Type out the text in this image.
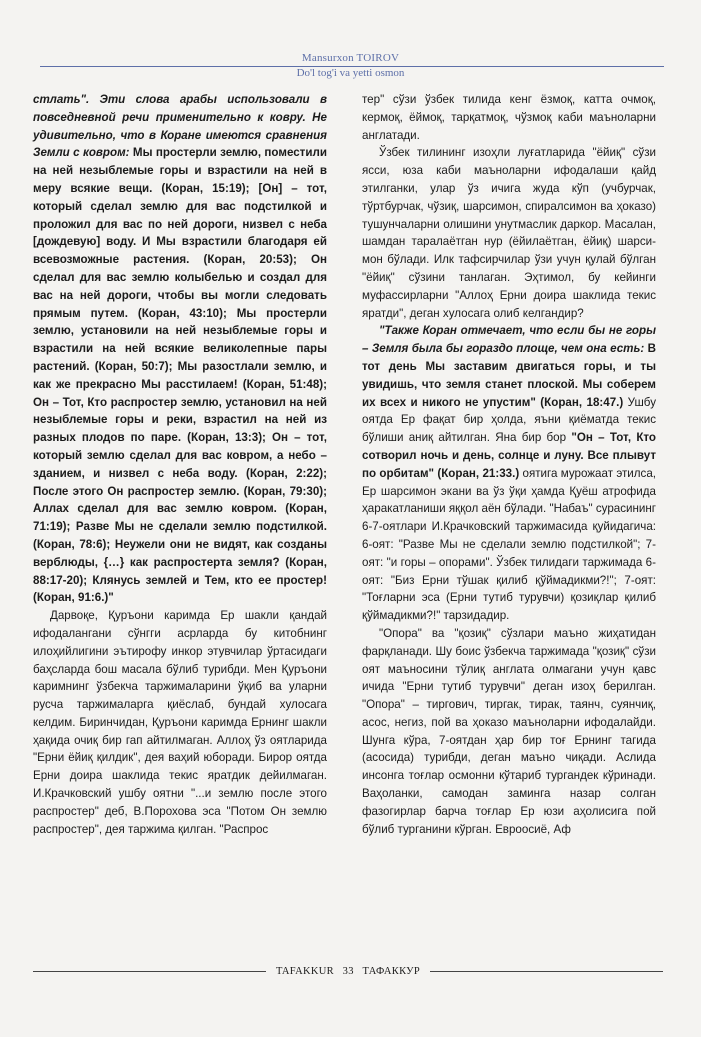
Mansurxon TOIROV
Do'l tog'i va yetti osmon

стлать". Эти слова арабы использовали в повседневной речи применительно к ковру. Не удивительно, что в Коране имеются сравнения Земли с ковром: Мы простерли землю, поместили на ней незыблемые горы и взрастили на ней в меру всякие вещи. (Коран, 15:19); [Он] – тот, который сделал землю для вас подстилкой и проложил для вас по ней дороги, низвел с неба [дождевую] воду. И Мы взрастили благодаря ей всевозможные растения. (Коран, 20:53); Он сделал для вас землю колыбелью и создал для вас на ней дороги, чтобы вы могли следовать прямым путем. (Коран, 43:10); Мы простерли землю, установили на ней незыблемые горы и взрастили на ней всякие великолепные пары растений. (Коран, 50:7); Мы разостлали землю, и как же прекрасно Мы расстилаем! (Коран, 51:48); Он – Тот, Кто распростер землю, установил на ней незыблемые горы и реки, взрастил на ней из разных плодов по паре. (Коран, 13:3); Он – тот, который землю сделал для вас ковром, а небо – зданием, и низвел с неба воду. (Коран, 2:22); После этого Он распростер землю. (Коран, 79:30); Аллах сделал для вас землю ковром. (Коран, 71:19); Разве Мы не сделали землю подстилкой. (Коран, 78:6); Неужели они не видят, как созданы верблюды, {…} как распростерта земля? (Коран, 88:17-20); Клянусь землей и Тем, кто ее простер! (Коран, 91:6.)"

Дарвоқе, Қуръони каримда Ер шакли қандай ифодалангани сўнгги асрларда бу китобнинг илоҳийлигини эътирофу инкор этувчилар ўртасидаги баҳсларда бош масала бўлиб турибди. Мен Қуръони каримнинг ўзбекча таржималарини ўқиб ва уларни русча таржималарга қиёслаб, бундай хулосага келдим. Биринчидан, Қуръони каримда Ернинг шакли ҳақида очиқ бир гап айтилмаган. Аллоҳ ўз оятларида "Ерни ёйиқ қилдик", дея ваҳий юборади. Бирор оятда Ерни доира шаклида текис яратдик дейилмаган. И.Крачковский ушбу оятни "...и землю после этого распростер" деб, В.Порохова эса "Потом Он землю распростер", дея таржима қилган. "Распрос

тер" сўзи ўзбек тилида кенг ёзмоқ, катта очмоқ, кермоқ, ёймоқ, тарқатмоқ, чўзмоқ каби маъноларни англатади.

Ўзбек тилининг изоҳли луғатларида "ёйиқ" сўзи ясси, юза каби маъноларни ифодалаши қайд этилганки, улар ўз ичига жуда кўп (учбурчак, тўртбурчак, чўзиқ, шарсимон, спиралсимон ва ҳоказо) тушунчаларни олишини унутмаслик даркор. Масалан, шамдан таралаётган нур (ёйилаётган, ёйиқ) шарсимон бўлади. Илк тафсирчилар ўзи учун қулай бўлган "ёйиқ" сўзини танлаган. Эҳтимол, бу кейинги муфассирларни "Аллоҳ Ерни доира шаклида текис яратди", деган хулосага олиб келгандир?

"Также Коран отмечает, что если бы не горы – Земля была бы гораздо площе, чем она есть: В тот день Мы заставим двигаться горы, и ты увидишь, что земля станет плоской. Мы соберем их всех и никого не упустим" (Коран, 18:47.) Ушбу оятда Ер фақат бир ҳолда, яъни қиёматда текис бўлиши аниқ айтилган. Яна бир бор "Он – Тот, Кто сотворил ночь и день, солнце и луну. Все плывут по орбитам" (Коран, 21:33.) оятига мурожаат этилса, Ер шарсимон экани ва ўз ўқи ҳамда Қуёш атрофида ҳаракатланиши яққол аён бўлади. "Набаъ" сурасининг 6-7-оятлари И.Крачковский таржимасида қуйидагича: 6-оят: "Разве Мы не сделали землю подстилкой"; 7-оят: "и горы – опорами". Ўзбек тилидаги таржимада 6-оят: "Биз Ерни тўшак қилиб қўймадикми?!"; 7-оят: "Тоғларни эса (Ерни тутиб турувчи) қозиқлар қилиб қўймадикми?!" тарзидадир.

"Опора" ва "қозиқ" сўзлари маъно жиҳатидан фарқланади. Шу боис ўзбекча таржимада "қозиқ" сўзи оят маъносини тўлиқ англата олмагани учун қавс ичида "Ерни тутиб турувчи" деган изоҳ берилган. "Опора" – тиргович, тиргак, тирак, таянч, суянчиқ, асос, негиз, пой ва ҳоказо маъноларни ифодалайди. Шунга кўра, 7-оятдан ҳар бир тоғ Ернинг тагида (асосида) турибди, деган маъно чиқади. Аслида инсонга тоғлар осмонни кўтариб тургандек кўринади. Ваҳоланки, самодан заминга назар солган фазогирлар барча тоғлар Ер юзи аҳолисига пой бўлиб турганини кўрган. Евроосиё, Аф

TAFAKKUR   33   ТАФАККУР
